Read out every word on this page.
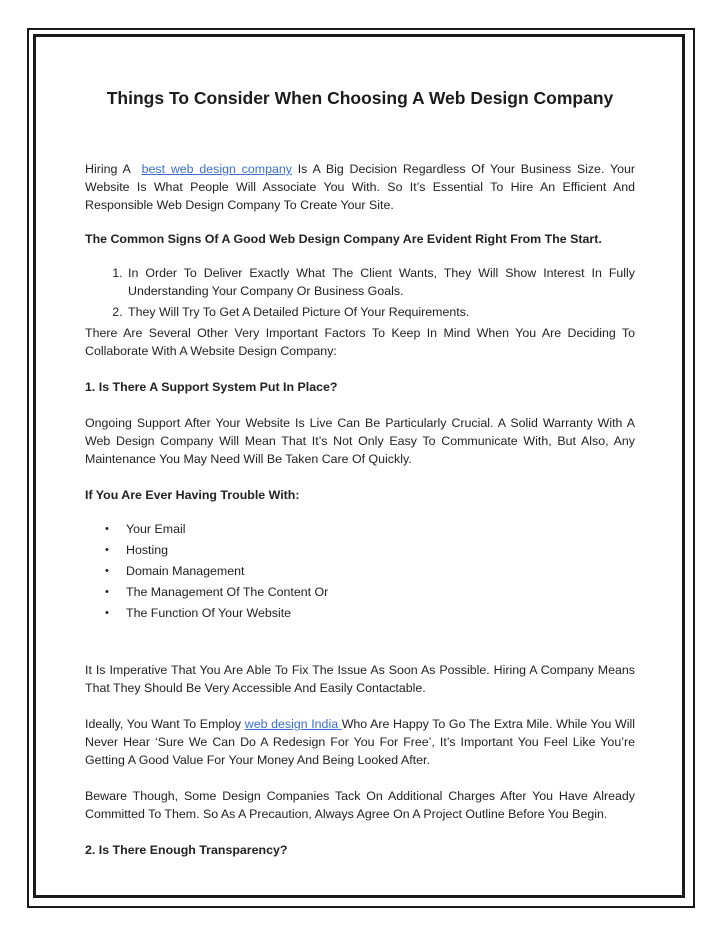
Things To Consider When Choosing A Web Design Company

Hiring A  best web design company Is A Big Decision Regardless Of Your Business Size. Your Website Is What People Will Associate You With. So It’s Essential To Hire An Efficient And Responsible Web Design Company To Create Your Site.

The Common Signs Of A Good Web Design Company Are Evident Right From The Start.

1. In Order To Deliver Exactly What The Client Wants, They Will Show Interest In Fully Understanding Your Company Or Business Goals.
2. They Will Try To Get A Detailed Picture Of Your Requirements.

There Are Several Other Very Important Factors To Keep In Mind When You Are Deciding To Collaborate With A Website Design Company:

1. Is There A Support System Put In Place?

Ongoing Support After Your Website Is Live Can Be Particularly Crucial. A Solid Warranty With A Web Design Company Will Mean That It’s Not Only Easy To Communicate With, But Also, Any Maintenance You May Need Will Be Taken Care Of Quickly.

If You Are Ever Having Trouble With:

• Your Email
• Hosting
• Domain Management
• The Management Of The Content Or
• The Function Of Your Website

It Is Imperative That You Are Able To Fix The Issue As Soon As Possible. Hiring A Company Means That They Should Be Very Accessible And Easily Contactable.

Ideally, You Want To Employ web design India Who Are Happy To Go The Extra Mile. While You Will Never Hear ‘Sure We Can Do A Redesign For You For Free’, It’s Important You Feel Like You’re Getting A Good Value For Your Money And Being Looked After.

Beware Though, Some Design Companies Tack On Additional Charges After You Have Already Committed To Them. So As A Precaution, Always Agree On A Project Outline Before You Begin.

2. Is There Enough Transparency?
